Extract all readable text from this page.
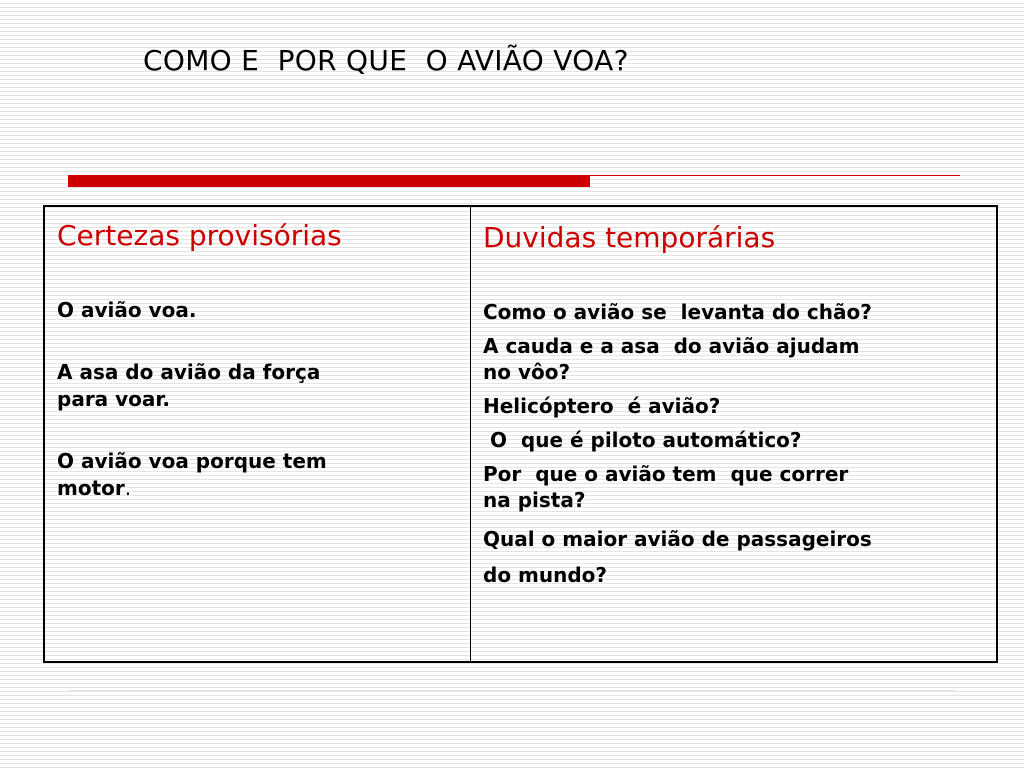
COMO E  POR QUE  O AVIÃO VOA?
Certezas provisórias
O avião voa.
A asa do avião da força
para voar.
O avião voa porque tem
motor.
Duvidas temporárias
Como o avião se  levanta do chão?
A cauda e a asa  do avião ajudam
no vôo?
Helicóptero  é avião?
O  que é piloto automático?
Por  que o avião tem  que correr
na pista?
Qual o maior avião de passageiros
do mundo?
